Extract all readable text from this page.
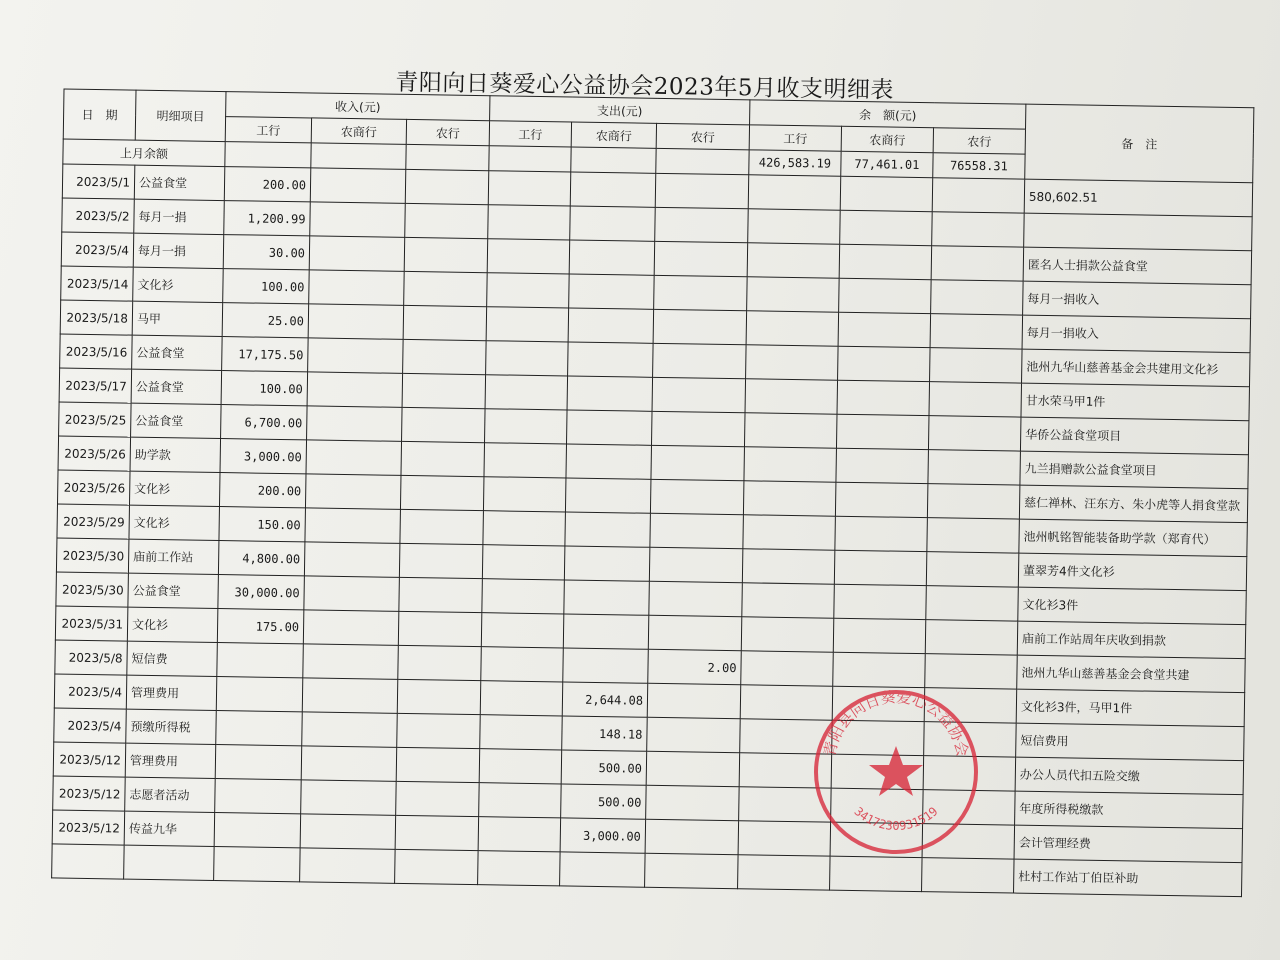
青阳向日葵爱心公益协会2023年5月收支明细表
日　期	明细项目	收入(元)			支出(元)			余　额(元)			备　注
		工行	农商行	农行	工行	农商行	农行	工行	农商行	农行	
上月余额								426,583.19	77,461.01	76558.31	
2023/5/1	公益食堂	200.00									580,602.51
2023/5/2	每月一捐	1,200.99									
2023/5/4	每月一捐	30.00									匿名人士捐款公益食堂
2023/5/14	文化衫	100.00									每月一捐收入
2023/5/18	马甲	25.00									每月一捐收入
2023/5/16	公益食堂	17,175.50									池州九华山慈善基金会共建用文化衫
2023/5/17	公益食堂	100.00									甘水荣马甲1件
2023/5/25	公益食堂	6,700.00									华侨公益食堂项目
2023/5/26	助学款	3,000.00									九兰捐赠款公益食堂项目
2023/5/26	文化衫	200.00									慈仁禅林、汪东方、朱小虎等人捐食堂款
2023/5/29	文化衫	150.00									池州帆铭智能装备助学款（郑育代）
2023/5/30	庙前工作站	4,800.00									董翠芳4件文化衫
2023/5/30	公益食堂	30,000.00									文化衫3件
2023/5/31	文化衫	175.00									庙前工作站周年庆收到捐款
2023/5/8	短信费						2.00				池州九华山慈善基金会食堂共建
2023/5/4	管理费用					2,644.08					文化衫3件，马甲1件
2023/5/4	预缴所得税					148.18					短信费用
2023/5/12	管理费用					500.00					办公人员代扣五险交缴
2023/5/12	志愿者活动					500.00					年度所得税缴款
2023/5/12	传益九华					3,000.00					会计管理经费
											杜村工作站丁伯臣补助
青阳县向日葵爱心公益协会
3417230931519
